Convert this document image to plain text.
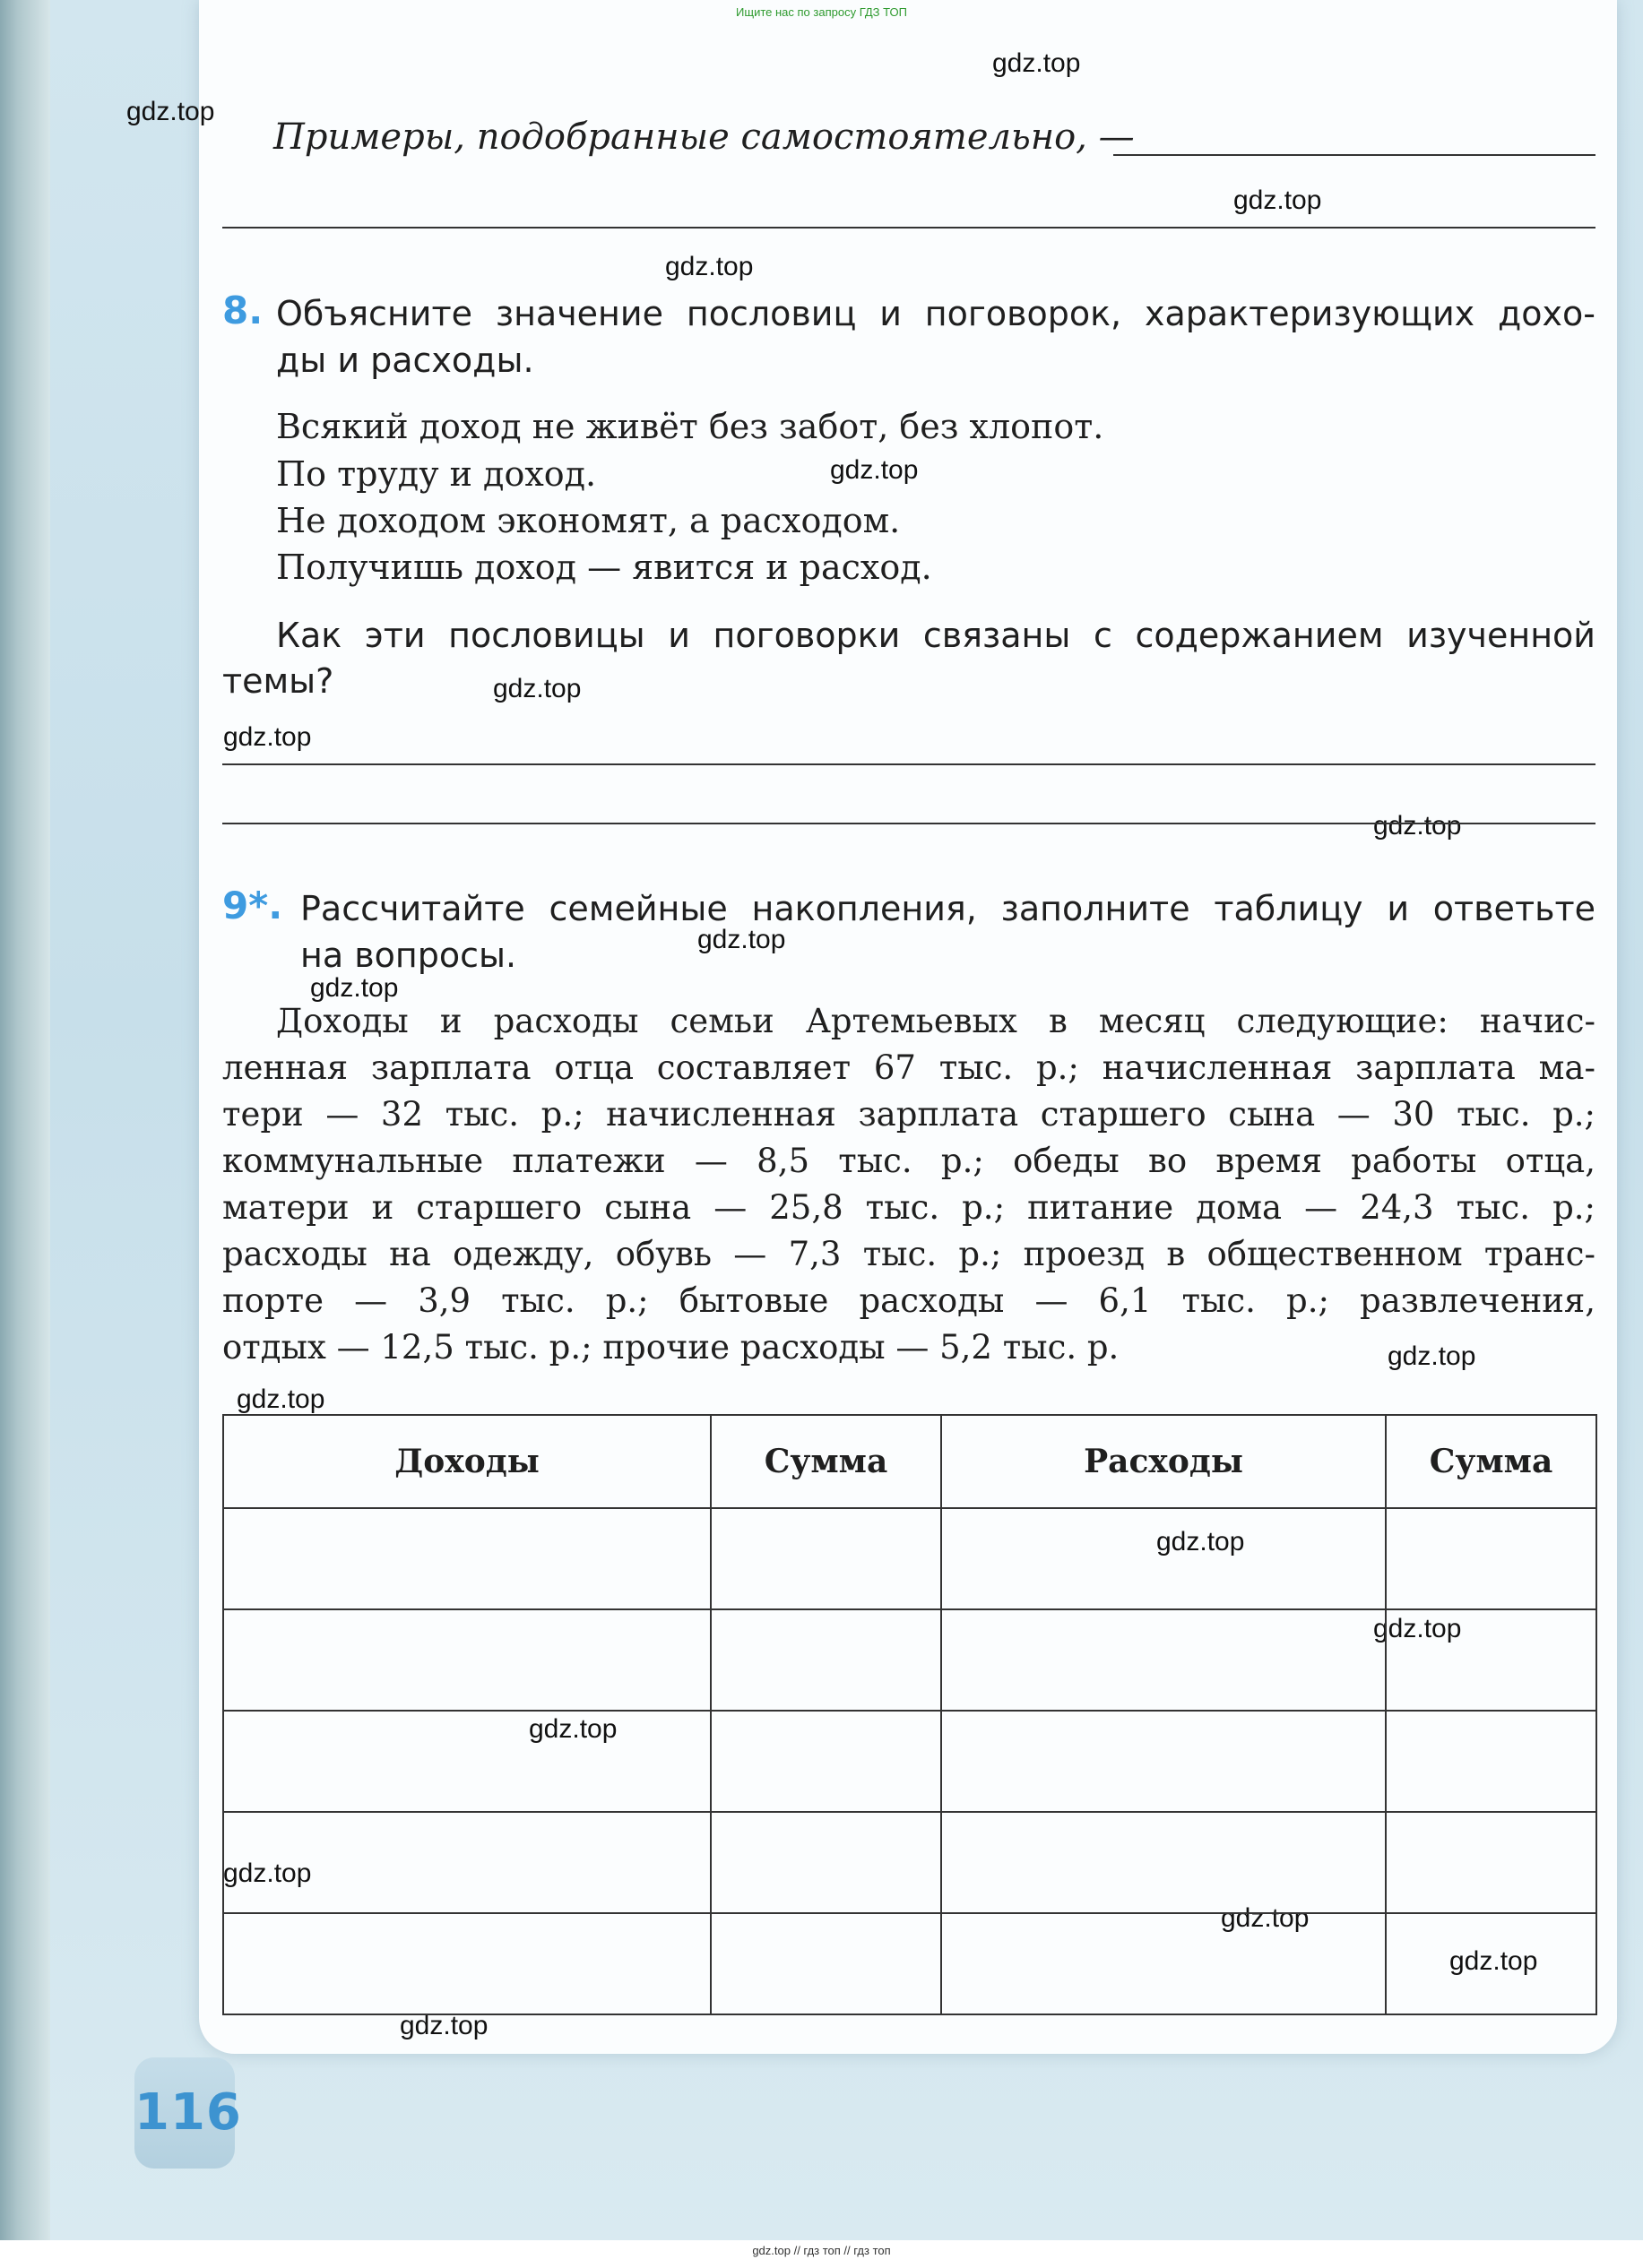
Ищите нас по запросу ГДЗ ТОП
gdz.top
gdz.top
gdz.top
gdz.top
gdz.top
gdz.top
gdz.top
gdz.top
gdz.top
gdz.top
gdz.top
gdz.top
gdz.top
gdz.top
gdz.top
gdz.top
gdz.top
gdz.top
gdz.top
Примеры, подобранные самостоятельно, —
8. Объясните значение пословиц и поговорок, характеризующих дохо-
ды и расходы.
Всякий доход не живёт без забот, без хлопот.
По труду и доход.
Не доходом экономят, а расходом.
Получишь доход — явится и расход.
Как эти пословицы и поговорки связаны с содержанием изученной
темы?
9*. Рассчитайте семейные накопления, заполните таблицу и ответьте
на вопросы.
Доходы и расходы семьи Артемьевых в месяц следующие: начис-
ленная зарплата отца составляет 67 тыс. р.; начисленная зарплата ма-
тери — 32 тыс. р.; начисленная зарплата старшего сына — 30 тыс. р.;
коммунальные платежи — 8,5 тыс. р.; обеды во время работы отца,
матери и старшего сына — 25,8 тыс. р.; питание дома — 24,3 тыс. р.;
расходы на одежду, обувь — 7,3 тыс. р.; проезд в общественном транс-
порте — 3,9 тыс. р.; бытовые расходы — 6,1 тыс. р.; развлечения,
отдых — 12,5 тыс. р.; прочие расходы — 5,2 тыс. р.
Доходы	Сумма	Расходы	Сумма

116
gdz.top // гдз топ // гдз топ
